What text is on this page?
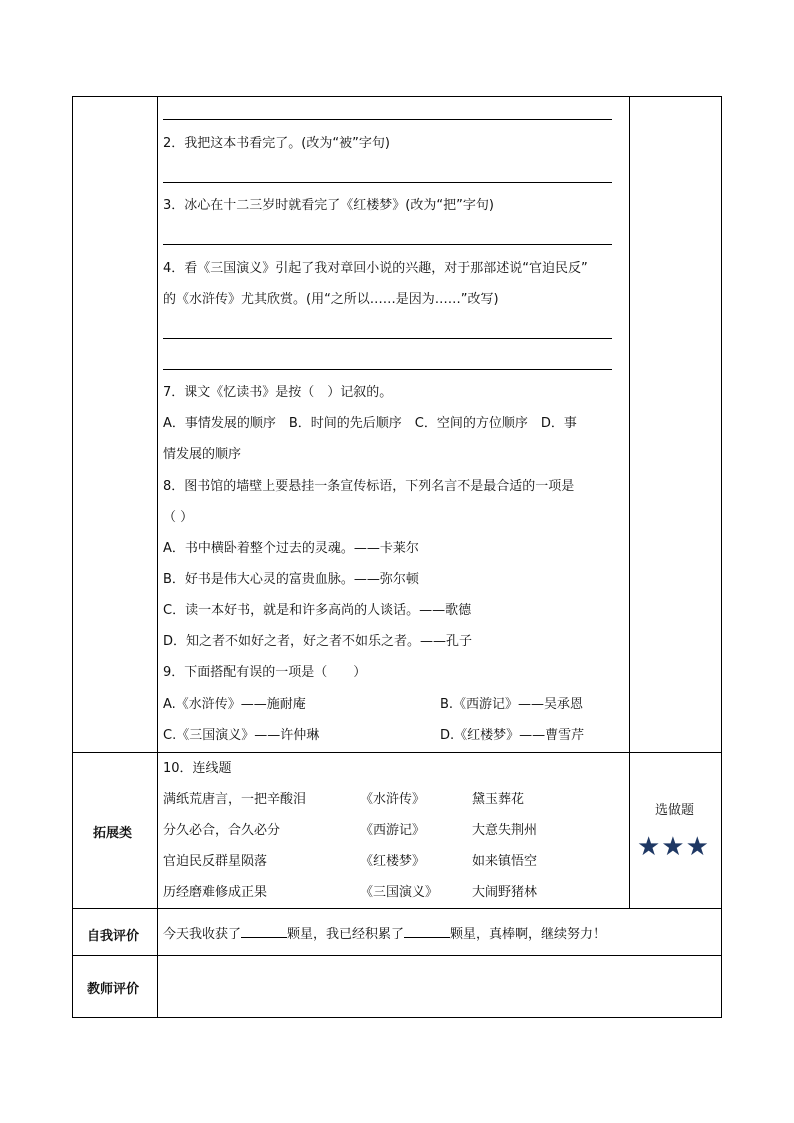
2．我把这本书看完了。(改为“被”字句)
3．冰心在十二三岁时就看完了《红楼梦》(改为“把”字句)
4．看《三国演义》引起了我对章回小说的兴趣，对于那部述说“官迫民反”
的《水浒传》尤其欣赏。(用“之所以……是因为……”改写)
7．课文《忆读书》是按（　）记叙的。
A．事情发展的顺序　B．时间的先后顺序　C．空间的方位顺序　D．事
情发展的顺序
8．图书馆的墙壁上要悬挂一条宣传标语，下列名言不是最合适的一项是
（ ）
A．书中横卧着整个过去的灵魂。——卡莱尔
B．好书是伟大心灵的富贵血脉。——弥尔顿
C．读一本好书，就是和许多高尚的人谈话。——歌德
D．知之者不如好之者，好之者不如乐之者。——孔子
9．下面搭配有误的一项是（　　）
A.《水浒传》——施耐庵	B.《西游记》——吴承恩
C.《三国演义》——许仲琳	D.《红楼梦》——曹雪芹
拓展类
10．连线题
满纸荒唐言，一把辛酸泪	《水浒传》	黛玉葬花
分久必合，合久必分	《西游记》	大意失荆州
官迫民反群星陨落	《红楼梦》	如来镇悟空
历经磨难修成正果	《三国演义》	大闹野猪林
选做题
★★★
自我评价 今天我收获了	颗星，我已经积累了	颗星，真棒啊，继续努力！
教师评价
